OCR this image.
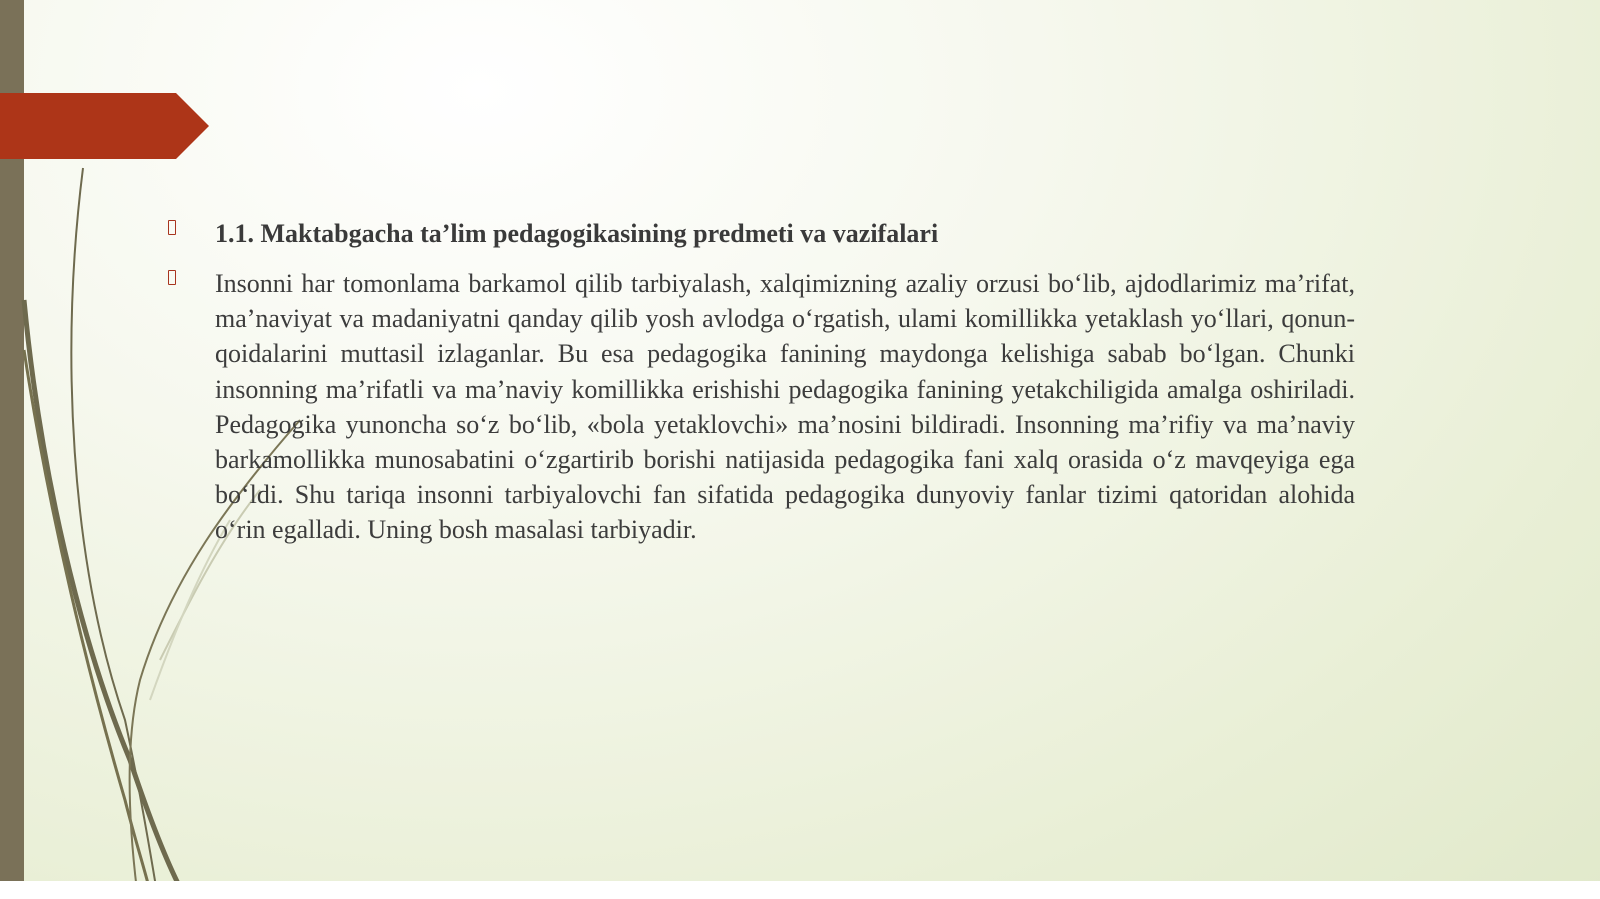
1.1. Maktabgacha ta’lim pedagogikasining predmeti va vazifalari
Insonni har tomonlama barkamol qilib tarbiyalash, xalqimizning azaliy orzusi bo‘lib, ajdodlarimiz ma’rifat, ma’naviyat va madaniyatni qanday qilib yosh avlodga o‘rgatish, ulami komillikka yetaklash yo‘llari, qonun-qoidalarini muttasil izlaganlar. Bu esa pedagogika fanining maydonga kelishiga sabab bo‘lgan. Chunki insonning ma’rifatli va ma’naviy komillikka erishishi pedagogika fanining yetakchiligida amalga oshiriladi. Pedagogika yunoncha so‘z bo‘lib, «bola yetaklovchi» ma’nosini bildiradi. Insonning ma’rifiy va ma’naviy barkamollikka munosabatini o‘zgartirib borishi natijasida pedagogika fani xalq orasida o‘z mavqeyiga ega bo‘ldi. Shu tariqa insonni tarbiyalovchi fan sifatida pedagogika dunyoviy fanlar tizimi qatoridan alohida o‘rin egalladi. Uning bosh masalasi tarbiyadir.
